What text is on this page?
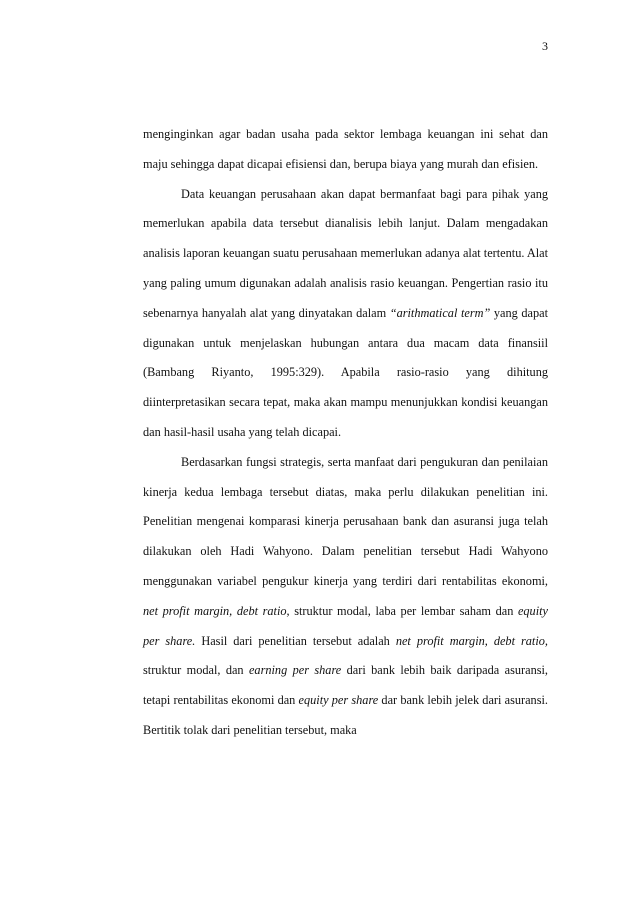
3

menginginkan agar badan usaha pada sektor lembaga keuangan ini sehat dan maju sehingga dapat dicapai efisiensi dan, berupa biaya yang murah dan efisien.

Data keuangan perusahaan akan dapat bermanfaat bagi para pihak yang memerlukan apabila data tersebut dianalisis lebih lanjut. Dalam mengadakan analisis laporan keuangan suatu perusahaan memerlukan adanya alat tertentu. Alat yang paling umum digunakan adalah analisis rasio keuangan. Pengertian rasio itu sebenarnya hanyalah alat yang dinyatakan dalam “arithmatical term” yang dapat digunakan untuk menjelaskan hubungan antara dua macam data finansiil (Bambang Riyanto, 1995:329). Apabila rasio-rasio yang dihitung diinterpretasikan secara tepat, maka akan mampu menunjukkan kondisi keuangan dan hasil-hasil usaha yang telah dicapai.

Berdasarkan fungsi strategis, serta manfaat dari pengukuran dan penilaian kinerja kedua lembaga tersebut diatas, maka perlu dilakukan penelitian ini. Penelitian mengenai komparasi kinerja perusahaan bank dan asuransi juga telah dilakukan oleh Hadi Wahyono. Dalam penelitian tersebut Hadi Wahyono menggunakan variabel pengukur kinerja yang terdiri dari rentabilitas ekonomi, net profit margin, debt ratio, struktur modal, laba per lembar saham dan equity per share. Hasil dari penelitian tersebut adalah net profit margin, debt ratio, struktur modal, dan earning per share dari bank lebih baik daripada asuransi, tetapi rentabilitas ekonomi dan equity per share dar bank lebih jelek dari asuransi. Bertitik tolak dari penelitian tersebut, maka
